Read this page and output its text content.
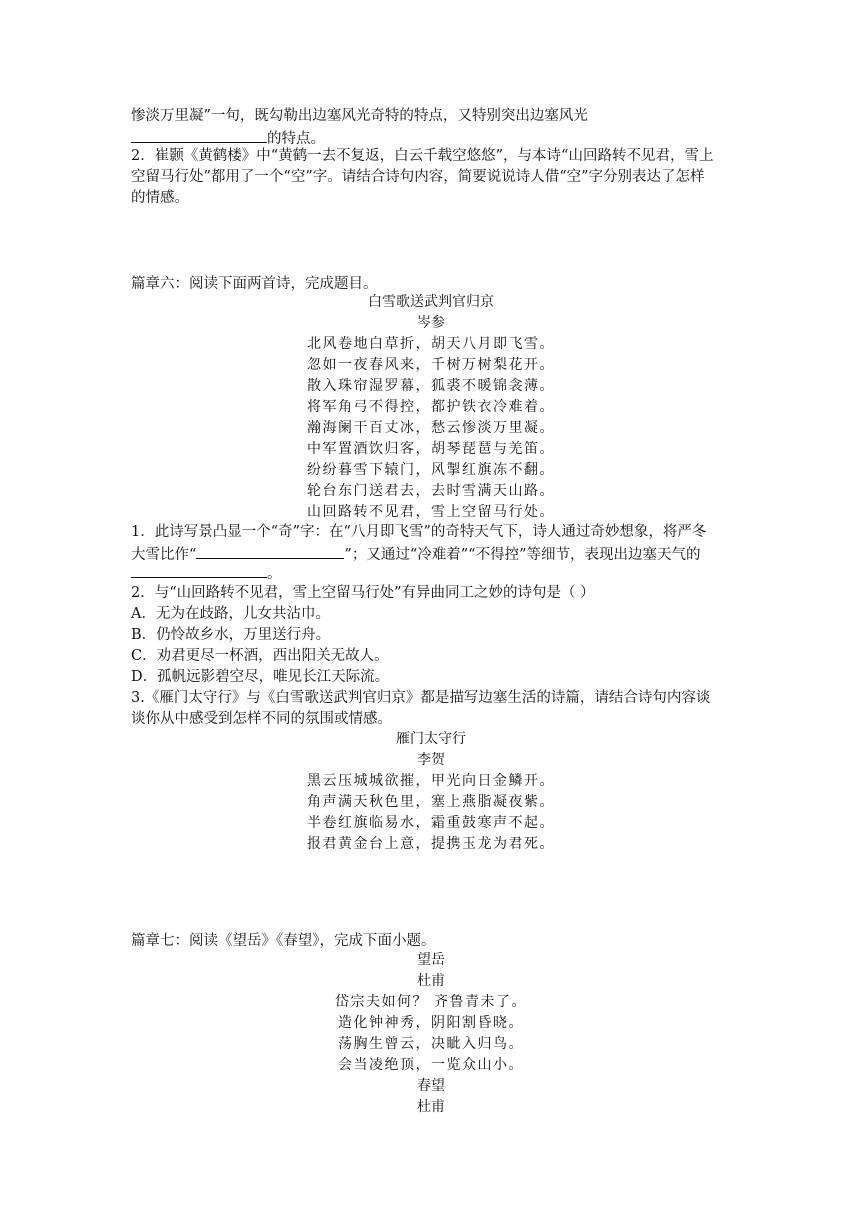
惨淡万里凝”一句，既勾勒出边塞风光奇特的特点，又特别突出边塞风光
的特点。
2．崔颢《黄鹤楼》中“黄鹤一去不复返，白云千载空悠悠”，与本诗“山回路转不见君，雪上
空留马行处”都用了一个“空”字。请结合诗句内容，简要说说诗人借“空”字分别表达了怎样
的情感。
篇章六：阅读下面两首诗，完成题目。
白雪歌送武判官归京
岑参
北风卷地白草折，胡天八月即飞雪。
忽如一夜春风来，千树万树梨花开。
散入珠帘湿罗幕，狐裘不暖锦衾薄。
将军角弓不得控，都护铁衣冷难着。
瀚海阑干百丈冰，愁云惨淡万里凝。
中军置酒饮归客，胡琴琵琶与羌笛。
纷纷暮雪下辕门，风掣红旗冻不翻。
轮台东门送君去，去时雪满天山路。
山回路转不见君，雪上空留马行处。
1．此诗写景凸显一个“奇”字：在“八月即飞雪”的奇特天气下，诗人通过奇妙想象，将严冬
大雪比作“	”；又通过“冷难着”“不得控”等细节，表现出边塞天气的
。
2．与“山回路转不见君，雪上空留马行处”有异曲同工之妙的诗句是（ ）
A．无为在歧路，儿女共沾巾。
B．仍怜故乡水，万里送行舟。
C．劝君更尽一杯酒，西出阳关无故人。
D．孤帆远影碧空尽，唯见长江天际流。
3.《雁门太守行》与《白雪歌送武判官归京》都是描写边塞生活的诗篇，请结合诗句内容谈
谈你从中感受到怎样不同的氛围或情感。
雁门太守行
李贺
黑云压城城欲摧，甲光向日金鳞开。
角声满天秋色里，塞上燕脂凝夜紫。
半卷红旗临易水，霜重鼓寒声不起。
报君黄金台上意，提携玉龙为君死。
篇章七：阅读《望岳》《春望》，完成下面小题。
望岳
杜甫
岱宗夫如何？ 齐鲁青未了。
造化钟神秀，阴阳割昏晓。
荡胸生曾云，决眦入归鸟。
会当凌绝顶，一览众山小。
春望
杜甫
